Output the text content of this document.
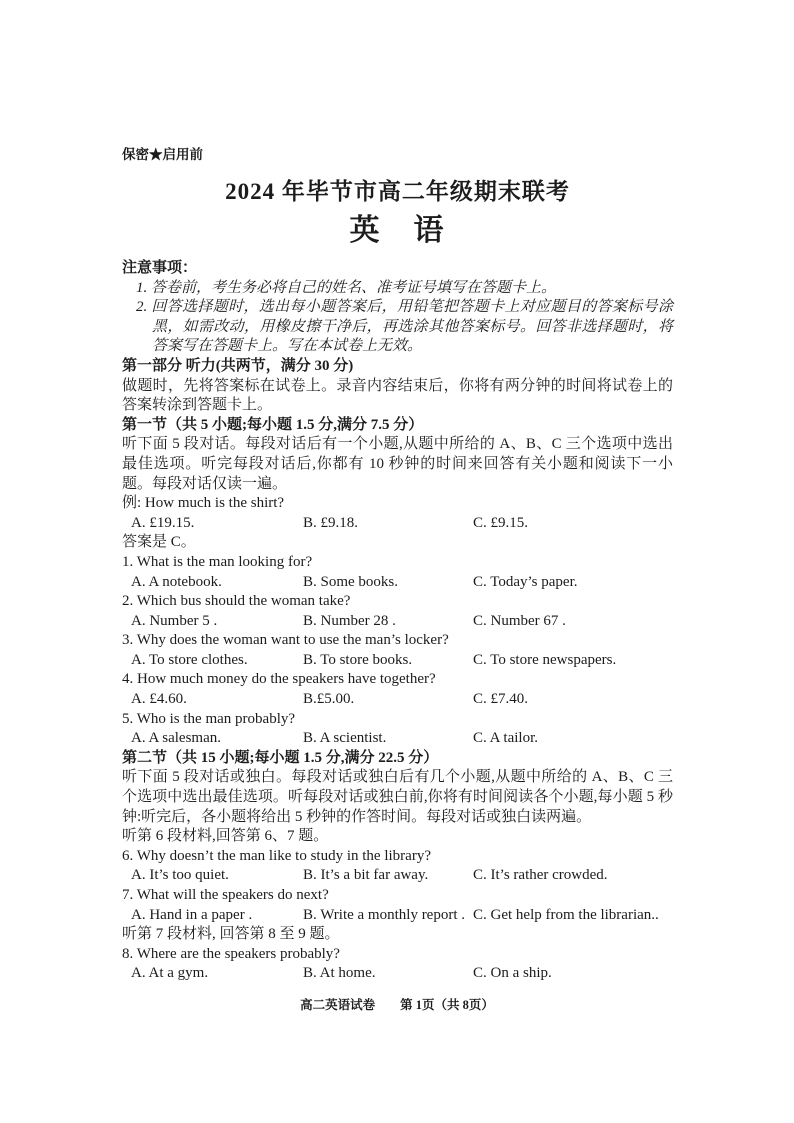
保密★启用前
2024 年毕节市高二年级期末联考
英　语

注意事项：

1. 答卷前，考生务必将自己的姓名、准考证号填写在答题卡上。

2. 回答选择题时，选出每小题答案后，用铅笔把答题卡上对应题目的答案标号涂黑，如需改动，用橡皮擦干净后，再选涂其他答案标号。回答非选择题时，将答案写在答题卡上。写在本试卷上无效。

第一部分 听力(共两节，满分 30 分)

做题时，先将答案标在试卷上。录音内容结束后，你将有两分钟的时间将试卷上的答案转涂到答题卡上。

第一节（共 5 小题;每小题 1.5 分,满分 7.5 分）

听下面 5 段对话。每段对话后有一个小题,从题中所给的 A、B、C 三个选项中选出最佳选项。听完每段对话后,你都有 10 秒钟的时间来回答有关小题和阅读下一小题。每段对话仅读一遍。

例: How much is the shirt?

A. £19.15.	B. £9.18.	C. £9.15.

答案是 C。

1. What is the man looking for?

A. A notebook.	B. Some books.	C. Today’s paper.

2. Which bus should the woman take?

A. Number 5 .	B. Number 28 .	C. Number 67 .

3. Why does the woman want to use the man’s locker?

A. To store clothes.	B. To store books.	C. To store newspapers.

4. How much money do the speakers have together?

A. £4.60.	B.£5.00.	C. £7.40.

5. Who is the man probably?

A. A salesman.	B. A scientist.	C. A tailor.

第二节（共 15 小题;每小题 1.5 分,满分 22.5 分）

听下面 5 段对话或独白。每段对话或独白后有几个小题,从题中所给的 A、B、C 三个选项中选出最佳选项。听每段对话或独白前,你将有时间阅读各个小题,每小题 5 秒钟:听完后，各小题将给出 5 秒钟的作答时间。每段对话或独白读两遍。

听第 6 段材料,回答第 6、7 题。

6. Why doesn’t the man like to study in the library?

A. It’s too quiet.	B. It’s a bit far away.	C. It’s rather crowded.

7. What will the speakers do next?

A. Hand in a paper .	B. Write a monthly report . C. Get help from the librarian..

听第 7 段材料, 回答第 8 至 9 题。

8. Where are the speakers probably?

A. At a gym.	B. At home.	C. On a ship.
高二英语试卷　　第 1页（共 8页）
